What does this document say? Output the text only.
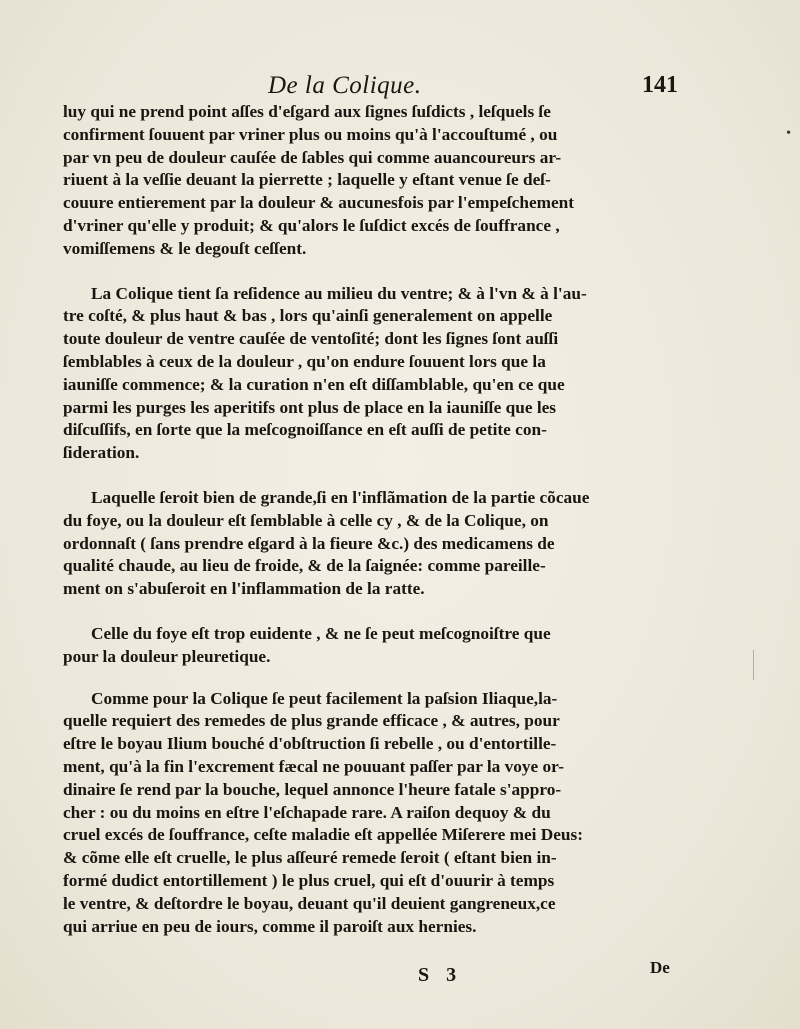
De la Colique.	141
•

luy qui ne prend point aſſes d'eſgard aux ſignes ſuſdicts , leſquels ſe
confirment ſouuent par vriner plus ou moins qu'à l'accouſtumé , ou
par vn peu de douleur cauſée de ſables qui comme auancoureurs ar-
riuent à la veſſie deuant la pierrette ; laquelle y eſtant venue ſe deſ-
couure entierement par la douleur & aucunesfois par l'empeſchement
d'vriner qu'elle y produit; & qu'alors le ſuſdict excés de ſouffrance ,
vomiſſemens & le degouſt ceſſent.

La Colique tient ſa reſidence au milieu du ventre; & à l'vn & à l'au-
tre coſté, & plus haut & bas , lors qu'ainſi generalement on appelle
toute douleur de ventre cauſée de ventoſité; dont les ſignes ſont auſſi
ſemblables à ceux de la douleur , qu'on endure ſouuent lors que la
iauniſſe commence; & la curation n'en eſt diſſamblable, qu'en ce que
parmi les purges les aperitifs ont plus de place en la iauniſſe que les
diſcuſſifs, en ſorte que la meſcognoiſſance en eſt auſſi de petite con-
ſideration.

Laquelle ſeroit bien de grande,ſi en l'inflãmation de la partie cõcaue
du foye, ou la douleur eſt ſemblable à celle cy , & de la Colique, on
ordonnaſt ( ſans prendre eſgard à la fieure &c.) des medicamens de
qualité chaude, au lieu de froide, & de la ſaignée: comme pareille-
ment on s'abuſeroit en l'inflammation de la ratte.

Celle du foye eſt trop euidente , & ne ſe peut meſcognoiſtre que
pour la douleur pleuretique.

Comme pour la Colique ſe peut facilement la paſsion Iliaque,la-
quelle requiert des remedes de plus grande efficace , & autres, pour
eſtre le boyau Ilium bouché d'obſtruction ſi rebelle , ou d'entortille-
ment, qu'à la fin l'excrement fæcal ne pouuant paſſer par la voye or-
dinaire ſe rend par la bouche, lequel annonce l'heure fatale s'appro-
cher : ou du moins en eſtre l'eſchapade rare. A raiſon dequoy & du
cruel excés de ſouffrance, ceſte maladie eſt appellée Miſerere mei Deus:
& cõme elle eſt cruelle, le plus aſſeuré remede ſeroit ( eſtant bien in-
formé dudict entortillement ) le plus cruel, qui eſt d'ouurir à temps
le ventre, & deſtordre le boyau, deuant qu'il deuient gangreneux,ce
qui arriue en peu de iours, comme il paroiſt aux hernies.

S 3	De
